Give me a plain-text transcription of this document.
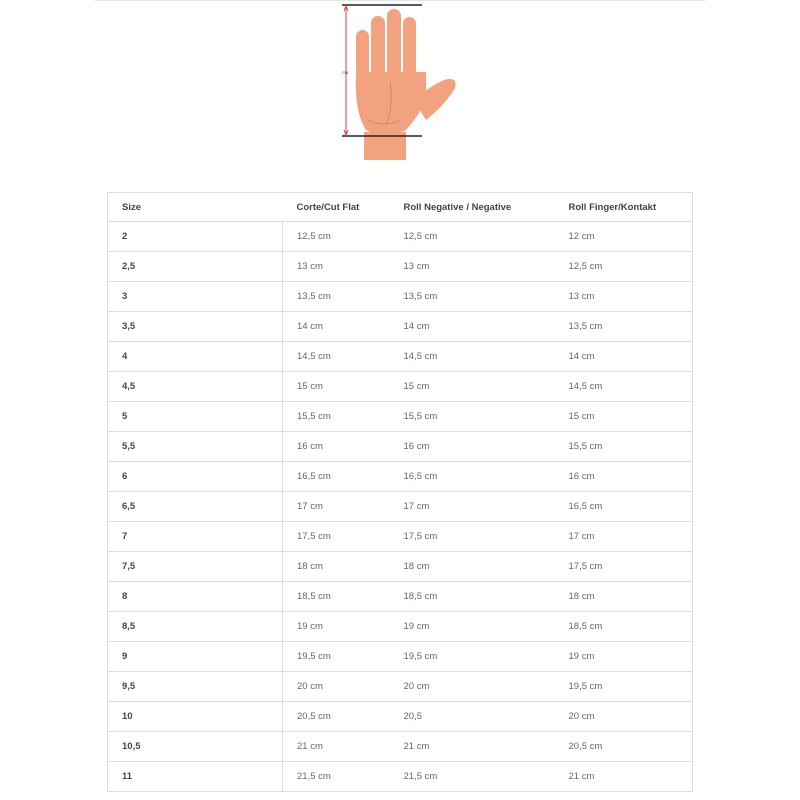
CM
Size	Corte/Cut Flat	Roll Negative / Negative	Roll Finger/Kontakt
2	12,5 cm	12,5 cm	12 cm
2,5	13 cm	13 cm	12,5 cm
3	13,5 cm	13,5 cm	13 cm
3,5	14 cm	14 cm	13,5 cm
4	14,5 cm	14,5 cm	14 cm
4,5	15 cm	15 cm	14,5 cm
5	15,5 cm	15,5 cm	15 cm
5,5	16 cm	16 cm	15,5 cm
6	16,5 cm	16,5 cm	16 cm
6,5	17 cm	17 cm	16,5 cm
7	17,5 cm	17,5 cm	17 cm
7,5	18 cm	18 cm	17,5 cm
8	18,5 cm	18,5 cm	18 cm
8,5	19 cm	19 cm	18,5 cm
9	19,5 cm	19,5 cm	19 cm
9,5	20 cm	20 cm	19,5 cm
10	20,5 cm	20,5	20 cm
10,5	21 cm	21 cm	20,5 cm
11	21,5 cm	21,5 cm	21 cm
